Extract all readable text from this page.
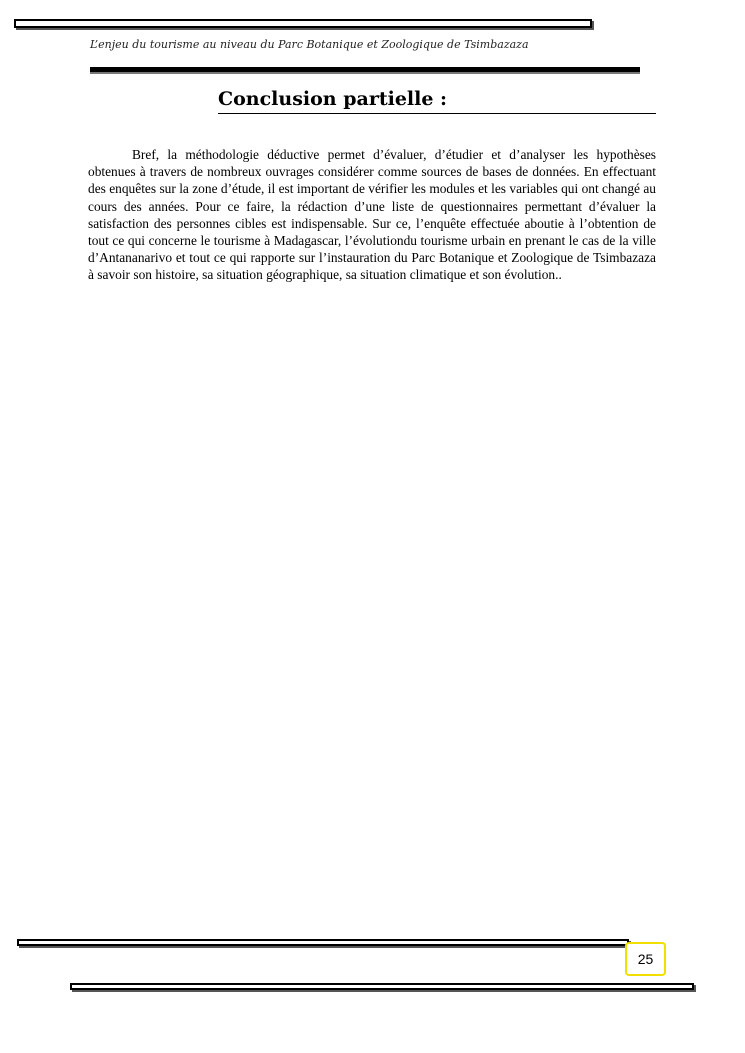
L’enjeu du tourisme au niveau du Parc Botanique et Zoologique de Tsimbazaza
Conclusion partielle :

Bref, la méthodologie déductive permet d’évaluer, d’étudier et d’analyser les hypothèses obtenues à travers de nombreux ouvrages considérer comme sources de bases de données. En effectuant des enquêtes sur la zone d’étude, il est important de vérifier les modules et les variables qui ont changé au cours des années. Pour ce faire, la rédaction d’une liste de questionnaires permettant d’évaluer la satisfaction des personnes cibles est indispensable. Sur ce, l’enquête effectuée aboutie à l’obtention de tout ce qui concerne le tourisme à Madagascar, l’évolutiondu tourisme urbain en prenant le cas de la ville d’Antananarivo et tout ce qui rapporte sur l’instauration du Parc Botanique et Zoologique de Tsimbazaza à savoir son histoire, sa situation géographique, sa situation climatique et son évolution..

25
